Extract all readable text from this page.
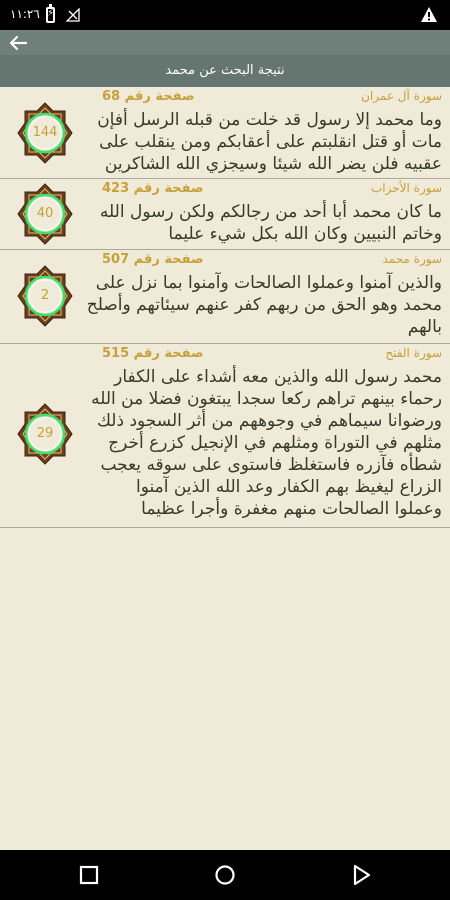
١١:٢٦ ⚡
نتيجة البحث عن محمد
سورة آل عمران
صفحة رقم 68
وما محمد إلا رسول قد خلت من قبله الرسل أفإن مات أو قتل انقلبتم على أعقابكم ومن ينقلب على عقبيه فلن يضر الله شيئا وسيجزي الله الشاكرين
144
سورة الأحزاب
صفحة رقم 423
ما كان محمد أبا أحد من رجالكم ولكن رسول الله وخاتم النبيين وكان الله بكل شيء عليما
40
سورة محمد
صفحة رقم 507
والذين آمنوا وعملوا الصالحات وآمنوا بما نزل على محمد وهو الحق من ربهم كفر عنهم سيئاتهم وأصلح بالهم
2
سورة الفتح
صفحة رقم 515
محمد رسول الله والذين معه أشداء على الكفار رحماء بينهم تراهم ركعا سجدا يبتغون فضلا من الله ورضوانا سيماهم في وجوههم من أثر السجود ذلك مثلهم في التوراة ومثلهم في الإنجيل كزرع أخرج شطأه فآزره فاستغلظ فاستوى على سوقه يعجب الزراع ليغيظ بهم الكفار وعد الله الذين آمنوا وعملوا الصالحات منهم مغفرة وأجرا عظيما
29
